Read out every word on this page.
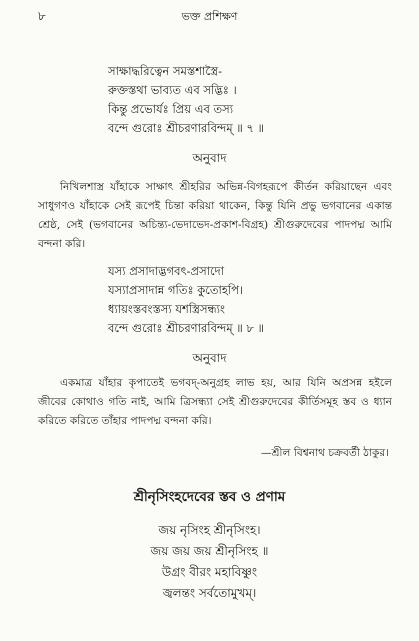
৮	ভক্ত প্রশিক্ষণ
সাক্ষাদ্ধরিত্বেন সমস্তশাস্ত্রৈ-
রুক্তস্তথা ভাব্যত এব সদ্ভিঃ ।
কিন্তু প্রভোর্যঃ প্রিয় এব তস্য
বন্দে গুরোঃ শ্রীচরণারবিন্দম্ ॥ ৭ ॥
অনুবাদ

নিখিলশাস্ত্র যাঁহাকে সাক্ষাৎ শ্রীহরির অভিন্ন-বিগহরূপে কীর্তন করিয়াছেন এবং সাধুগণও যাঁহাকে সেই রূপেই চিন্তা করিয়া থাকেন, কিন্তু যিনি প্রভু ভগবানের একান্ত শ্রেষ্ঠ, সেই (ভগবানের অচিন্ত্য-ভেদাভেদ-প্রকাশ-বিগ্রহ) শ্রীগুরুদেবের পাদপদ্ম আমি বন্দনা করি।

যস্য প্রসাদাদ্ভগবৎ-প্রসাদো
যস্যাপ্রসাদান্ন গতিঃ কুতোহপি।
ধ্যায়ংস্তবংস্তস্য যশস্ত্রিসন্ধ্যং
বন্দে গুরোঃ শ্রীচরণারবিন্দম্ ॥ ৮ ॥
অনুবাদ

একমাত্র যাঁহার কৃপাতেই ভগবদ্-অনুগ্রহ লাভ হয়, আর যিনি অপ্রসন্ন হইলে জীবের কোথাও গতি নাই, আমি ত্রিসন্ধ্যা সেই শ্রীগুরুদেবের কীর্তিসমূহ স্তব ও ধ্যান করিতে করিতে তাঁহার পাদপদ্ম বন্দনা করি।

—শ্রীল বিশ্বনাথ চক্রবর্তী ঠাকুর।
শ্রীনৃসিংহদেবের স্তব ও প্রণাম
জয় নৃসিংহ শ্রীনৃসিংহ।
জয় জয় জয় শ্রীনৃসিংহ ॥
উগ্রং বীরং মহাবিষ্ণুং
জ্বলন্তং সর্বতোমুখম্।
